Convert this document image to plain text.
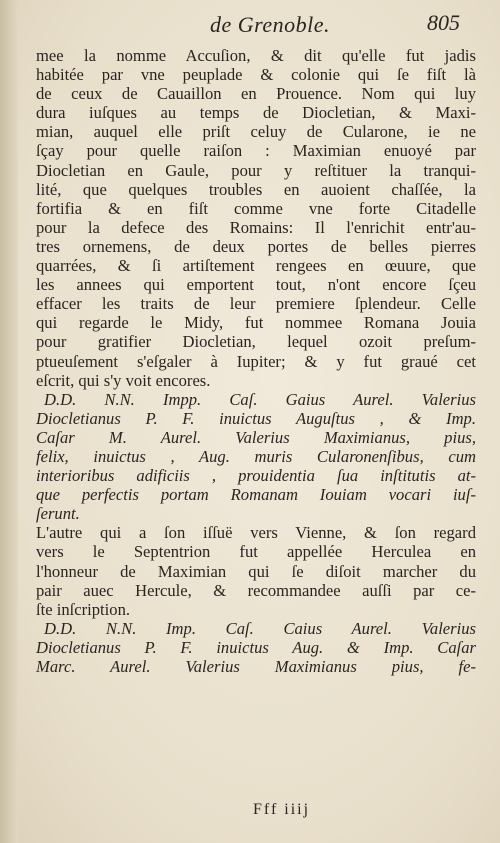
de Grenoble.	805
mee la nomme Accuſion, & dit qu'elle fut jadis
habitée par vne peuplade & colonie qui ſe fiſt là
de ceux de Cauaillon en Prouence. Nom qui luy
dura iuſques au temps de Diocletian, & Maxi-
mian, auquel elle priſt celuy de Cularone, ie ne
ſçay pour quelle raiſon : Maximian enuoyé par
Diocletian en Gaule, pour y reſtituer la tranqui-
lité, que quelques troubles en auoient chaſſée, la
fortifia & en fiſt comme vne forte Citadelle
pour la defece des Romains: Il l'enrichit entr'au-
tres ornemens, de deux portes de belles pierres
quarrées, & ſi artiſtement rengees en œuure, que
les annees qui emportent tout, n'ont encore ſçeu
effacer les traits de leur premiere ſplendeur. Celle
qui regarde le Midy, fut nommee Romana Jouia
pour gratifier Diocletian, lequel ozoit preſum-
ptueuſement s'eſgaler à Iupiter; & y fut graué cet
eſcrit, qui s'y voit encores.
D.D. N.N. Impp. Caſ. Gaius Aurel. Valerius
Diocletianus P. F. inuictus Auguſtus , & Imp.
Caſar M. Aurel. Valerius Maximianus, pius,
felix, inuictus , Aug. muris Cularonenſibus, cum
interioribus adificiis , prouidentia ſua inſtitutis at-
que perfectis portam Romanam Iouiam vocari iuſ-
ſerunt.
L'autre qui a ſon iſſuë vers Vienne, & ſon regard
vers le Septentrion fut appellée Herculea en
l'honneur de Maximian qui ſe diſoit marcher du
pair auec Hercule, & recommandee auſſi par ce-
ſte inſcription.
D.D. N.N. Imp. Caſ. Caius Aurel. Valerius
Diocletianus P. F. inuictus Aug. & Imp. Caſar
Marc. Aurel. Valerius Maximianus pius, fe-
Fff iiij
